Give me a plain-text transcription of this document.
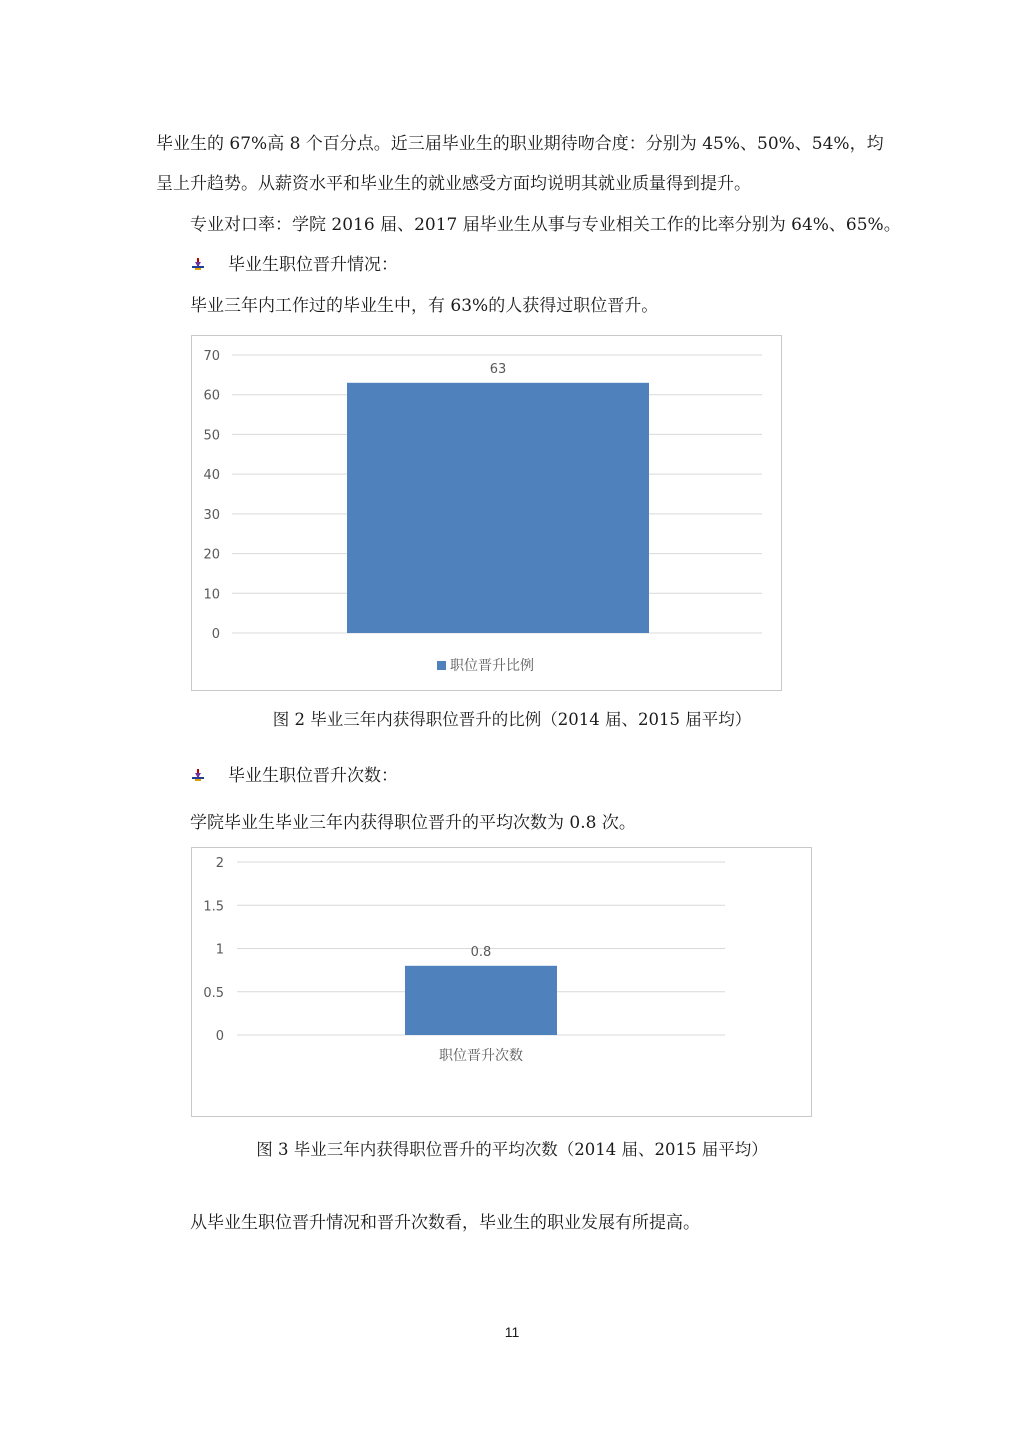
毕业生的 67%高 8 个百分点。近三届毕业生的职业期待吻合度：分别为 45%、50%、54%，均

呈上升趋势。从薪资水平和毕业生的就业感受方面均说明其就业质量得到提升。

专业对口率：学院 2016 届、2017 届毕业生从事与专业相关工作的比率分别为 64%、65%。

毕业生职位晋升情况：

毕业三年内工作过的毕业生中，有 63%的人获得过职位晋升。

0
10
20
30
40
50
60
70
63
职位晋升比例
图 2 毕业三年内获得职位晋升的比例（2014 届、2015 届平均）

毕业生职位晋升次数：

学院毕业生毕业三年内获得职位晋升的平均次数为 0.8 次。

0
0.5
1
1.5
2
0.8
职位晋升次数
图 3 毕业三年内获得职位晋升的平均次数（2014 届、2015 届平均）

从毕业生职位晋升情况和晋升次数看，毕业生的职业发展有所提高。

11
